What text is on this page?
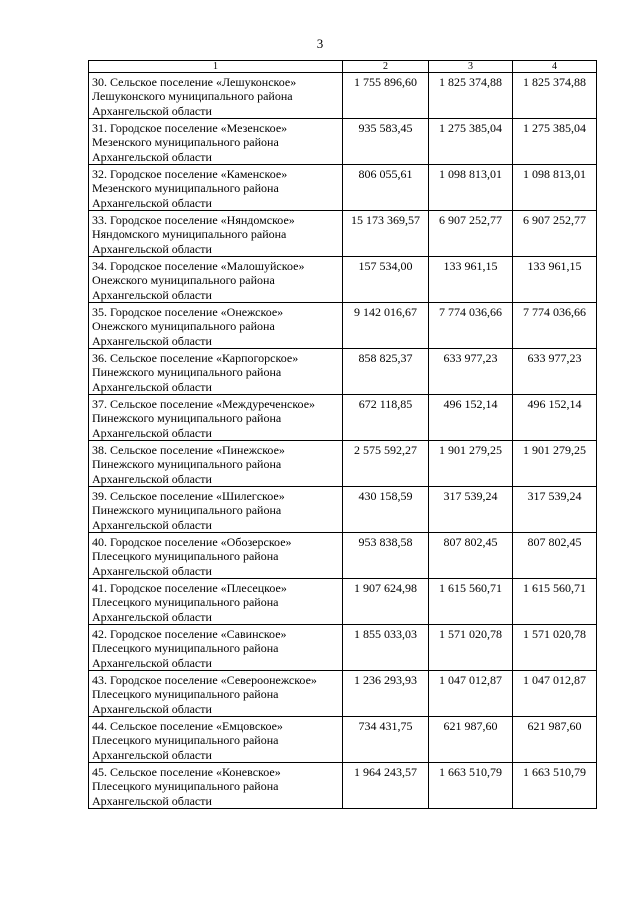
3
1	2	3	4
30. Сельское поселение «Лешуконское» Лешуконского муниципального района Архангельской области	1 755 896,60	1 825 374,88	1 825 374,88
31. Городское поселение «Мезенское» Мезенского муниципального района Архангельской области	935 583,45	1 275 385,04	1 275 385,04
32. Городское поселение «Каменское» Мезенского муниципального района Архангельской области	806 055,61	1 098 813,01	1 098 813,01
33. Городское поселение «Няндомское» Няндомского муниципального района Архангельской области	15 173 369,57	6 907 252,77	6 907 252,77
34. Городское поселение «Малошуйское» Онежского муниципального района Архангельской области	157 534,00	133 961,15	133 961,15
35. Городское поселение «Онежское» Онежского муниципального района Архангельской области	9 142 016,67	7 774 036,66	7 774 036,66
36. Сельское поселение «Карпогорское» Пинежского муниципального района Архангельской области	858 825,37	633 977,23	633 977,23
37. Сельское поселение «Междуреченское» Пинежского муниципального района Архангельской области	672 118,85	496 152,14	496 152,14
38. Сельское поселение «Пинежское» Пинежского муниципального района Архангельской области	2 575 592,27	1 901 279,25	1 901 279,25
39. Сельское поселение «Шилегское» Пинежского муниципального района Архангельской области	430 158,59	317 539,24	317 539,24
40. Городское поселение «Обозерское» Плесецкого муниципального района Архангельской области	953 838,58	807 802,45	807 802,45
41. Городское поселение «Плесецкое» Плесецкого муниципального района Архангельской области	1 907 624,98	1 615 560,71	1 615 560,71
42. Городское поселение «Савинское» Плесецкого муниципального района Архангельской области	1 855 033,03	1 571 020,78	1 571 020,78
43. Городское поселение «Североонежское» Плесецкого муниципального района Архангельской области	1 236 293,93	1 047 012,87	1 047 012,87
44. Сельское поселение «Емцовское» Плесецкого муниципального района Архангельской области	734 431,75	621 987,60	621 987,60
45. Сельское поселение «Коневское» Плесецкого муниципального района Архангельской области	1 964 243,57	1 663 510,79	1 663 510,79
